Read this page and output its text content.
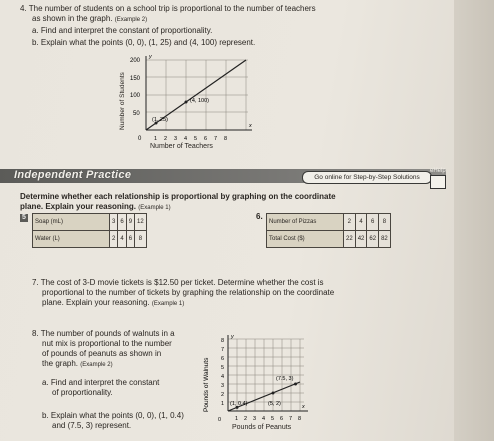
4. The number of students on a school trip is proportional to the number of teachers
as shown in the graph. (Example 2)
a. Find and interpret the constant of proportionality.
b. Explain what the points (0, 0), (1, 25) and (4, 100) represent.
Number of Students
200
150
100
50
0
y
x
(1, 25)
(4, 100)
1 2 3 4 5 6 7 8
Number of Teachers
Independent Practice	Go online for Step-by-Step Solutions
eHelp
Determine whether each relationship is proportional by graphing on the coordinate
plane. Explain your reasoning. (Example 1)
5
Soap (mL)	3	6	9	12
Water (L)	2	4	6	8
6.
Number of Pizzas	2	4	6	8
Total Cost ($)	22	42	62	82
7. The cost of 3-D movie tickets is $12.50 per ticket. Determine whether the cost is
proportional to the number of tickets by graphing the relationship on the coordinate
plane. Explain your reasoning. (Example 1)
8. The number of pounds of walnuts in a
nut mix is proportional to the number
of pounds of peanuts as shown in
the graph. (Example 2)
a. Find and interpret the constant
of proportionality.
b. Explain what the points (0, 0), (1, 0.4)
and (7.5, 3) represent.
Pounds of Walnuts
8
7
6
5
4
3
2
1
0	1 2 3 4 5 6 7 8
y
x
(1, 0.4)	(5, 2)
(7.5, 3)
Pounds of Peanuts
